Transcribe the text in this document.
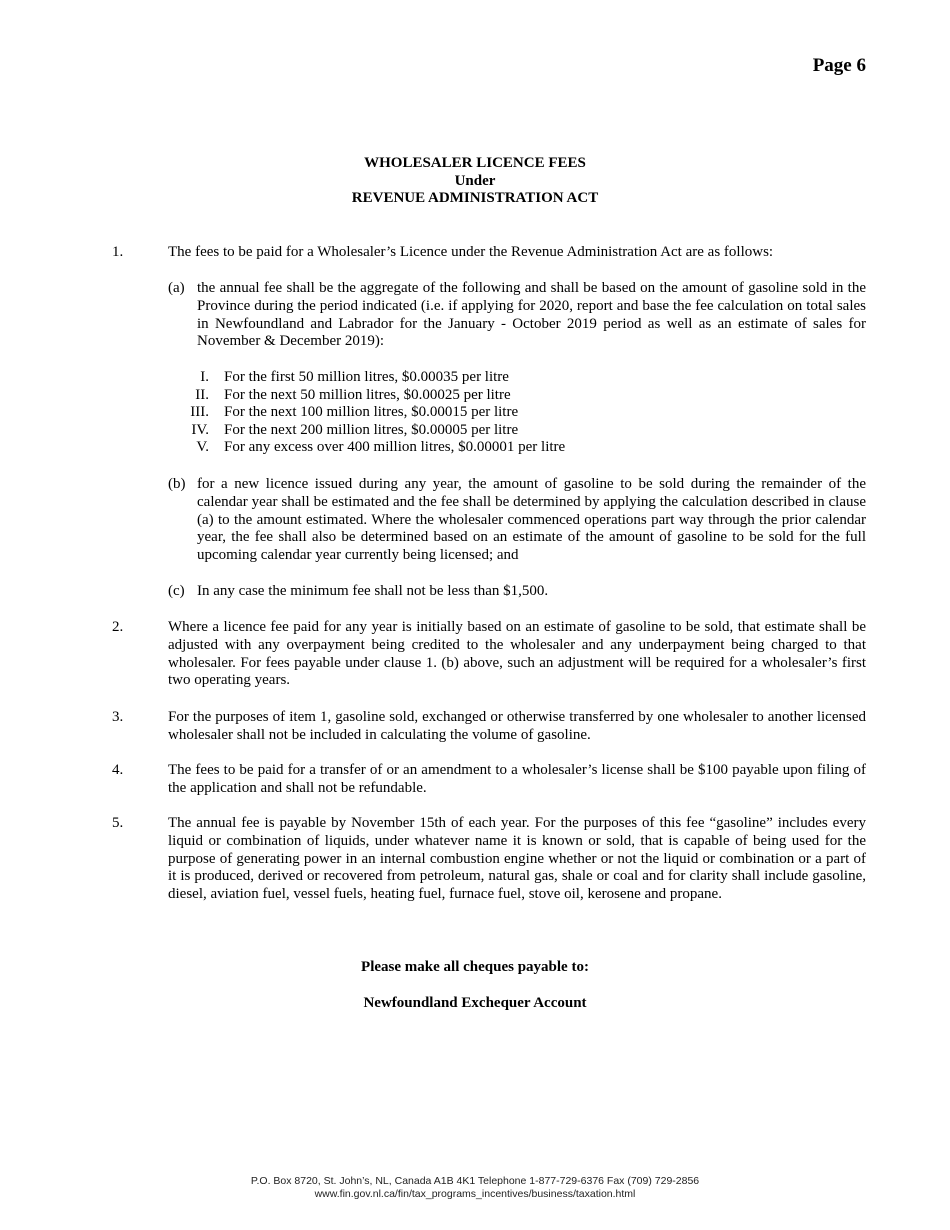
Page 6
WHOLESALER LICENCE FEES
Under
REVENUE ADMINISTRATION ACT
1.	The fees to be paid for a Wholesaler’s Licence under the Revenue Administration Act are as follows:
(a) the annual fee shall be the aggregate of the following and shall be based on the amount of gasoline sold in the Province during the period indicated (i.e. if applying for 2020, report and base the fee calculation on total sales in Newfoundland and Labrador for the January - October 2019 period as well as an estimate of sales for November & December 2019):
I. For the first 50 million litres, $0.00035 per litre
II. For the next 50 million litres, $0.00025 per litre
III. For the next 100 million litres, $0.00015 per litre
IV. For the next 200 million litres, $0.00005 per litre
V. For any excess over 400 million litres, $0.00001 per litre
(b) for a new licence issued during any year, the amount of gasoline to be sold during the remainder of the calendar year shall be estimated and the fee shall be determined by applying the calculation described in clause (a) to the amount estimated. Where the wholesaler commenced operations part way through the prior calendar year, the fee shall also be determined based on an estimate of the amount of gasoline to be sold for the full upcoming calendar year currently being licensed; and
(c) In any case the minimum fee shall not be less than $1,500.
2.	Where a licence fee paid for any year is initially based on an estimate of gasoline to be sold, that estimate shall be adjusted with any overpayment being credited to the wholesaler and any underpayment being charged to that wholesaler. For fees payable under clause 1. (b) above, such an adjustment will be required for a wholesaler’s first two operating years.
3.	For the purposes of item 1, gasoline sold, exchanged or otherwise transferred by one wholesaler to another licensed wholesaler shall not be included in calculating the volume of gasoline.
4.	The fees to be paid for a transfer of or an amendment to a wholesaler’s license shall be $100 payable upon filing of the application and shall not be refundable.
5.	The annual fee is payable by November 15th of each year. For the purposes of this fee “gasoline” includes every liquid or combination of liquids, under whatever name it is known or sold, that is capable of being used for the purpose of generating power in an internal combustion engine whether or not the liquid or combination or a part of it is produced, derived or recovered from petroleum, natural gas, shale or coal and for clarity shall include gasoline, diesel, aviation fuel, vessel fuels, heating fuel, furnace fuel, stove oil, kerosene and propane.
Please make all cheques payable to:
Newfoundland Exchequer Account
P.O. Box 8720, St. John’s, NL, Canada A1B 4K1 Telephone 1-877-729-6376 Fax (709) 729-2856
www.fin.gov.nl.ca/fin/tax_programs_incentives/business/taxation.html
